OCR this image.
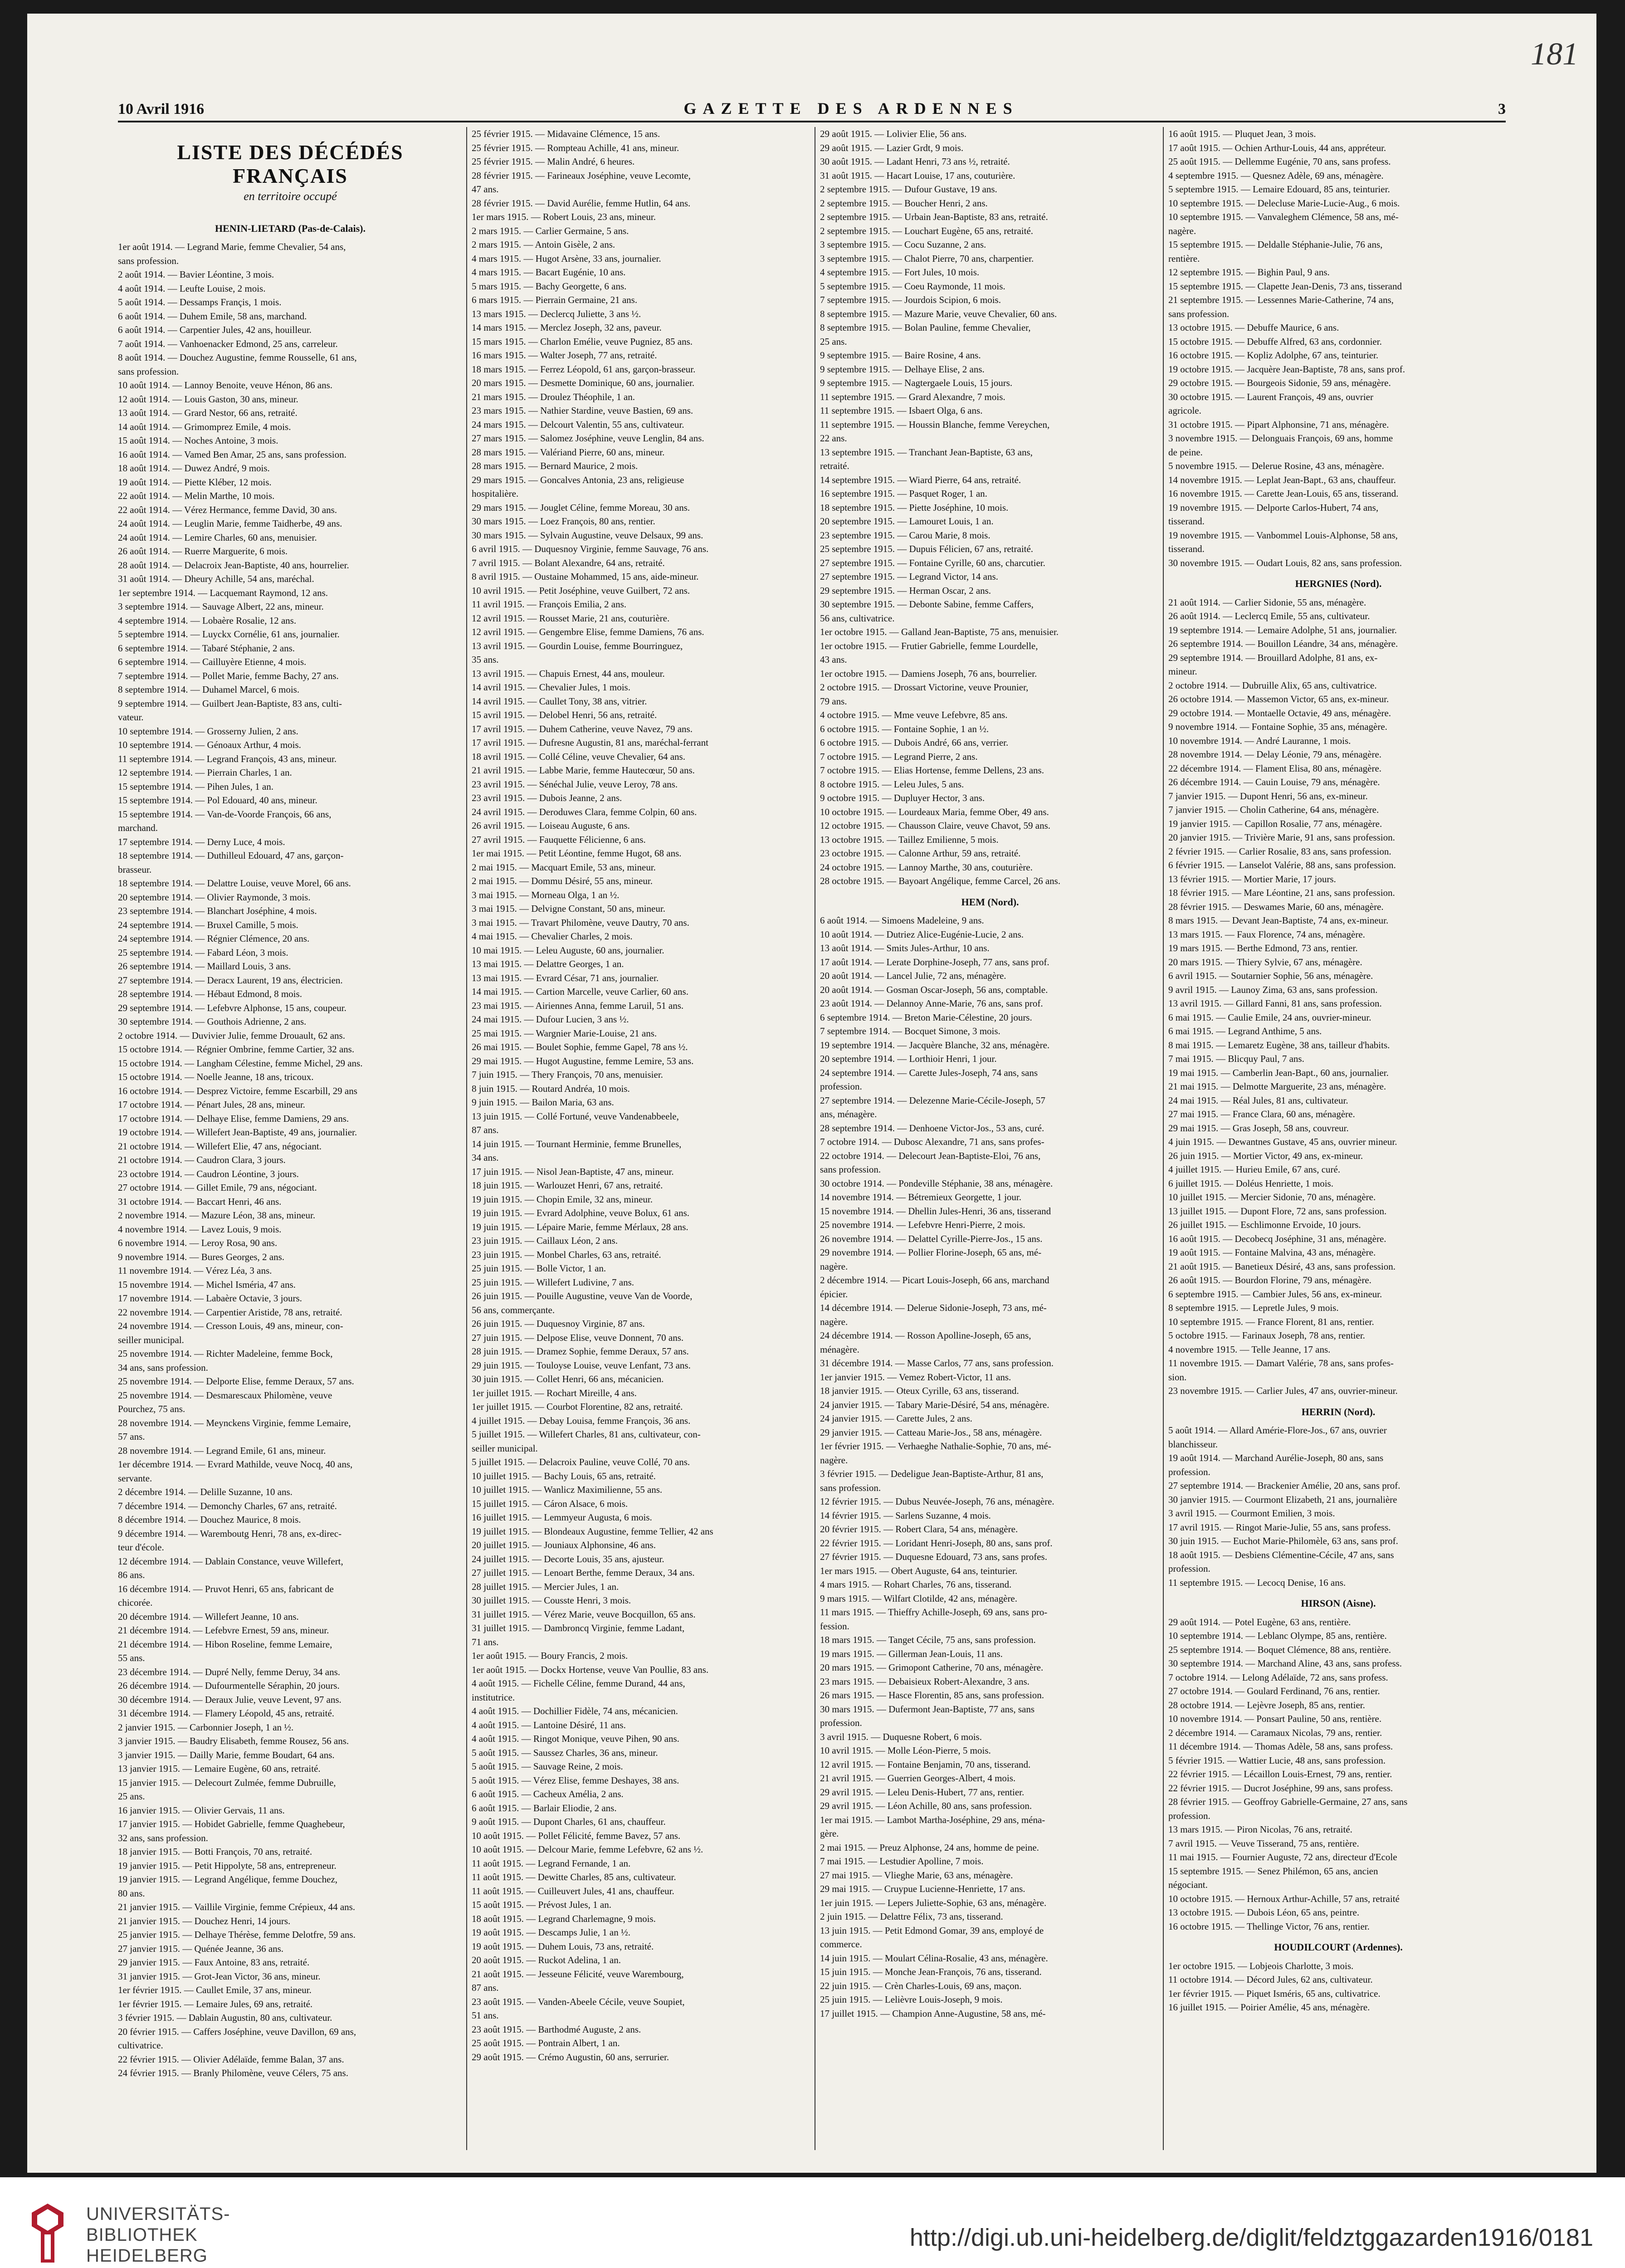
181
10 Avril 1916	GAZETTE DES ARDENNES	3
LISTE DES DÉCÉDÉS FRANÇAIS
en territoire occupé
HENIN-LIETARD (Pas-de-Calais).
1er août 1914. — Legrand Marie, femme Chevalier, 54 ans,
sans profession.
2 août 1914. — Bavier Léontine, 3 mois.
4 août 1914. — Leufte Louise, 2 mois.
5 août 1914. — Dessamps Françis, 1 mois.
6 août 1914. — Duhem Emile, 58 ans, marchand.
6 août 1914. — Carpentier Jules, 42 ans, houilleur.
7 août 1914. — Vanhoenacker Edmond, 25 ans, carreleur.
8 août 1914. — Douchez Augustine, femme Rousselle, 61 ans,
sans profession.
10 août 1914. — Lannoy Benoite, veuve Hénon, 86 ans.
12 août 1914. — Louis Gaston, 30 ans, mineur.
13 août 1914. — Grard Nestor, 66 ans, retraité.
14 août 1914. — Grimomprez Emile, 4 mois.
15 août 1914. — Noches Antoine, 3 mois.
16 août 1914. — Vamed Ben Amar, 25 ans, sans profession.
18 août 1914. — Duwez André, 9 mois.
19 août 1914. — Piette Kléber, 12 mois.
22 août 1914. — Melin Marthe, 10 mois.
22 août 1914. — Vérez Hermance, femme David, 30 ans.
24 août 1914. — Leuglin Marie, femme Taidherbe, 49 ans.
24 août 1914. — Lemire Charles, 60 ans, menuisier.
26 août 1914. — Ruerre Marguerite, 6 mois.
28 août 1914. — Delacroix Jean-Baptiste, 40 ans, hourrelier.
31 août 1914. — Dheury Achille, 54 ans, maréchal.
1er septembre 1914. — Lacquemant Raymond, 12 ans.
3 septembre 1914. — Sauvage Albert, 22 ans, mineur.
4 septembre 1914. — Lobaère Rosalie, 12 ans.
5 septembre 1914. — Luyckx Cornélie, 61 ans, journalier.
6 septembre 1914. — Tabaré Stéphanie, 2 ans.
6 septembre 1914. — Cailluyère Etienne, 4 mois.
7 septembre 1914. — Pollet Marie, femme Bachy, 27 ans.
8 septembre 1914. — Duhamel Marcel, 6 mois.
9 septembre 1914. — Guilbert Jean-Baptiste, 83 ans, culti-
vateur.
10 septembre 1914. — Grosserny Julien, 2 ans.
10 septembre 1914. — Génoaux Arthur, 4 mois.
11 septembre 1914. — Legrand François, 43 ans, mineur.
12 septembre 1914. — Pierrain Charles, 1 an.
15 septembre 1914. — Pihen Jules, 1 an.
15 septembre 1914. — Pol Edouard, 40 ans, mineur.
15 septembre 1914. — Van-de-Voorde François, 66 ans,
marchand.
17 septembre 1914. — Derny Luce, 4 mois.
18 septembre 1914. — Duthilleul Edouard, 47 ans, garçon-
brasseur.
18 septembre 1914. — Delattre Louise, veuve Morel, 66 ans.
20 septembre 1914. — Olivier Raymonde, 3 mois.
23 septembre 1914. — Blanchart Joséphine, 4 mois.
24 septembre 1914. — Bruxel Camille, 5 mois.
24 septembre 1914. — Régnier Clémence, 20 ans.
25 septembre 1914. — Fabard Léon, 3 mois.
26 septembre 1914. — Maillard Louis, 3 ans.
27 septembre 1914. — Deracx Laurent, 19 ans, électricien.
28 septembre 1914. — Hébaut Edmond, 8 mois.
29 septembre 1914. — Lefebvre Alphonse, 15 ans, coupeur.
30 septembre 1914. — Gouthois Adrienne, 2 ans.
2 octobre 1914. — Duvivier Julie, femme Drouault, 62 ans.
15 octobre 1914. — Régnier Ombrine, femme Cartier, 32 ans.
15 octobre 1914. — Langham Célestine, femme Michel, 29 ans.
15 octobre 1914. — Noelle Jeanne, 18 ans, tricoux.
16 octobre 1914. — Desprez Victoire, femme Escarbill, 29 ans
17 octobre 1914. — Pénart Jules, 28 ans, mineur.
17 octobre 1914. — Delhaye Elise, femme Damiens, 29 ans.
19 octobre 1914. — Willefert Jean-Baptiste, 49 ans, journalier.
21 octobre 1914. — Willefert Elie, 47 ans, négociant.
21 octobre 1914. — Caudron Clara, 3 jours.
23 octobre 1914. — Caudron Léontine, 3 jours.
27 octobre 1914. — Gillet Emile, 79 ans, négociant.
31 octobre 1914. — Baccart Henri, 46 ans.
2 novembre 1914. — Mazure Léon, 38 ans, mineur.
4 novembre 1914. — Lavez Louis, 9 mois.
6 novembre 1914. — Leroy Rosa, 90 ans.
9 novembre 1914. — Bures Georges, 2 ans.
11 novembre 1914. — Vérez Léa, 3 ans.
15 novembre 1914. — Michel Isméria, 47 ans.
17 novembre 1914. — Labaère Octavie, 3 jours.
22 novembre 1914. — Carpentier Aristide, 78 ans, retraité.
24 novembre 1914. — Cresson Louis, 49 ans, mineur, con-
seiller municipal.
25 novembre 1914. — Richter Madeleine, femme Bock,
34 ans, sans profession.
25 novembre 1914. — Delporte Elise, femme Deraux, 57 ans.
25 novembre 1914. — Desmarescaux Philomène, veuve
Pourchez, 75 ans.
28 novembre 1914. — Meynckens Virginie, femme Lemaire,
57 ans.
28 novembre 1914. — Legrand Emile, 61 ans, mineur.
1er décembre 1914. — Evrard Mathilde, veuve Nocq, 40 ans,
servante.
2 décembre 1914. — Delille Suzanne, 10 ans.
7 décembre 1914. — Demonchy Charles, 67 ans, retraité.
8 décembre 1914. — Douchez Maurice, 8 mois.
9 décembre 1914. — Waremboutg Henri, 78 ans, ex-direc-
teur d'école.
12 décembre 1914. — Dablain Constance, veuve Willefert,
86 ans.
16 décembre 1914. — Pruvot Henri, 65 ans, fabricant de
chicorée.
20 décembre 1914. — Willefert Jeanne, 10 ans.
21 décembre 1914. — Lefebvre Ernest, 59 ans, mineur.
21 décembre 1914. — Hibon Roseline, femme Lemaire,
55 ans.
23 décembre 1914. — Dupré Nelly, femme Deruy, 34 ans.
26 décembre 1914. — Dufourmentelle Séraphin, 20 jours.
30 décembre 1914. — Deraux Julie, veuve Levent, 97 ans.
31 décembre 1914. — Flamery Léopold, 45 ans, retraité.
2 janvier 1915. — Carbonnier Joseph, 1 an ½.
3 janvier 1915. — Baudry Elisabeth, femme Rousez, 56 ans.
3 janvier 1915. — Dailly Marie, femme Boudart, 64 ans.
13 janvier 1915. — Lemaire Eugène, 60 ans, retraité.
15 janvier 1915. — Delecourt Zulmée, femme Dubruille,
25 ans.
16 janvier 1915. — Olivier Gervais, 11 ans.
17 janvier 1915. — Hobidet Gabrielle, femme Quaghebeur,
32 ans, sans profession.
18 janvier 1915. — Botti François, 70 ans, retraité.
19 janvier 1915. — Petit Hippolyte, 58 ans, entrepreneur.
19 janvier 1915. — Legrand Angélique, femme Douchez,
80 ans.
21 janvier 1915. — Vaillile Virginie, femme Crépieux, 44 ans.
21 janvier 1915. — Douchez Henri, 14 jours.
25 janvier 1915. — Delhaye Thérèse, femme Delotfre, 59 ans.
27 janvier 1915. — Quénée Jeanne, 36 ans.
29 janvier 1915. — Faux Antoine, 83 ans, retraité.
31 janvier 1915. — Grot-Jean Victor, 36 ans, mineur.
1er février 1915. — Caullet Emile, 37 ans, mineur.
1er février 1915. — Lemaire Jules, 69 ans, retraité.
3 février 1915. — Dablain Augustin, 80 ans, cultivateur.
20 février 1915. — Caffers Joséphine, veuve Davillon, 69 ans,
cultivatrice.
22 février 1915. — Olivier Adélaïde, femme Balan, 37 ans.
24 février 1915. — Branly Philomène, veuve Célers, 75 ans.
25 février 1915. — Midavaine Clémence, 15 ans.
25 février 1915. — Rompteau Achille, 41 ans, mineur.
25 février 1915. — Malin André, 6 heures.
28 février 1915. — Farineaux Joséphine, veuve Lecomte,
47 ans.
28 février 1915. — David Aurélie, femme Hutlin, 64 ans.
1er mars 1915. — Robert Louis, 23 ans, mineur.
2 mars 1915. — Carlier Germaine, 5 ans.
2 mars 1915. — Antoin Gisèle, 2 ans.
4 mars 1915. — Hugot Arsène, 33 ans, journalier.
4 mars 1915. — Bacart Eugénie, 10 ans.
5 mars 1915. — Bachy Georgette, 6 ans.
6 mars 1915. — Pierrain Germaine, 21 ans.
13 mars 1915. — Declercq Juliette, 3 ans ½.
14 mars 1915. — Merclez Joseph, 32 ans, paveur.
15 mars 1915. — Charlon Emélie, veuve Pugniez, 85 ans.
16 mars 1915. — Walter Joseph, 77 ans, retraité.
18 mars 1915. — Ferrez Léopold, 61 ans, garçon-brasseur.
20 mars 1915. — Desmette Dominique, 60 ans, journalier.
21 mars 1915. — Droulez Théophile, 1 an.
23 mars 1915. — Nathier Stardine, veuve Bastien, 69 ans.
24 mars 1915. — Delcourt Valentin, 55 ans, cultivateur.
27 mars 1915. — Salomez Joséphine, veuve Lenglin, 84 ans.
28 mars 1915. — Valériand Pierre, 60 ans, mineur.
28 mars 1915. — Bernard Maurice, 2 mois.
29 mars 1915. — Goncalves Antonia, 23 ans, religieuse
hospitalière.
29 mars 1915. — Jouglet Céline, femme Moreau, 30 ans.
30 mars 1915. — Loez François, 80 ans, rentier.
30 mars 1915. — Sylvain Augustine, veuve Delsaux, 99 ans.
6 avril 1915. — Duquesnoy Virginie, femme Sauvage, 76 ans.
7 avril 1915. — Bolant Alexandre, 64 ans, retraité.
8 avril 1915. — Oustaine Mohammed, 15 ans, aide-mineur.
10 avril 1915. — Petit Joséphine, veuve Guilbert, 72 ans.
11 avril 1915. — François Emilia, 2 ans.
12 avril 1915. — Rousset Marie, 21 ans, couturière.
12 avril 1915. — Gengembre Elise, femme Damiens, 76 ans.
13 avril 1915. — Gourdin Louise, femme Bourringuez,
35 ans.
13 avril 1915. — Chapuis Ernest, 44 ans, mouleur.
14 avril 1915. — Chevalier Jules, 1 mois.
14 avril 1915. — Caullet Tony, 38 ans, vitrier.
15 avril 1915. — Delobel Henri, 56 ans, retraité.
17 avril 1915. — Duhem Catherine, veuve Navez, 79 ans.
17 avril 1915. — Dufresne Augustin, 81 ans, maréchal-ferrant
18 avril 1915. — Collé Céline, veuve Chevalier, 64 ans.
21 avril 1915. — Labbe Marie, femme Hautecœur, 50 ans.
23 avril 1915. — Sénéchal Julie, veuve Leroy, 78 ans.
23 avril 1915. — Dubois Jeanne, 2 ans.
24 avril 1915. — Deroduwes Clara, femme Colpin, 60 ans.
26 avril 1915. — Loiseau Auguste, 6 ans.
27 avril 1915. — Fauquette Félicienne, 6 ans.
1er mai 1915. — Petit Léontine, femme Hugot, 68 ans.
2 mai 1915. — Macquart Emile, 53 ans, mineur.
2 mai 1915. — Dommu Désiré, 55 ans, mineur.
3 mai 1915. — Morneau Olga, 1 an ½.
3 mai 1915. — Delvigne Constant, 50 ans, mineur.
3 mai 1915. — Travart Philomène, veuve Dautry, 70 ans.
4 mai 1915. — Chevalier Charles, 2 mois.
10 mai 1915. — Leleu Auguste, 60 ans, journalier.
13 mai 1915. — Delattre Georges, 1 an.
13 mai 1915. — Evrard César, 71 ans, journalier.
14 mai 1915. — Cartion Marcelle, veuve Carlier, 60 ans.
23 mai 1915. — Airiennes Anna, femme Laruil, 51 ans.
24 mai 1915. — Dufour Lucien, 3 ans ½.
25 mai 1915. — Wargnier Marie-Louise, 21 ans.
26 mai 1915. — Boulet Sophie, femme Gapel, 78 ans ½.
29 mai 1915. — Hugot Augustine, femme Lemire, 53 ans.
7 juin 1915. — Thery François, 70 ans, menuisier.
8 juin 1915. — Routard Andréa, 10 mois.
9 juin 1915. — Bailon Maria, 63 ans.
13 juin 1915. — Collé Fortuné, veuve Vandenabbeele,
87 ans.
14 juin 1915. — Tournant Herminie, femme Brunelles,
34 ans.
17 juin 1915. — Nisol Jean-Baptiste, 47 ans, mineur.
18 juin 1915. — Warlouzet Henri, 67 ans, retraité.
19 juin 1915. — Chopin Emile, 32 ans, mineur.
19 juin 1915. — Evrard Adolphine, veuve Bolux, 61 ans.
19 juin 1915. — Lépaire Marie, femme Mérlaux, 28 ans.
23 juin 1915. — Caillaux Léon, 2 ans.
23 juin 1915. — Monbel Charles, 63 ans, retraité.
25 juin 1915. — Bolle Victor, 1 an.
25 juin 1915. — Willefert Ludivine, 7 ans.
26 juin 1915. — Pouille Augustine, veuve Van de Voorde,
56 ans, commerçante.
26 juin 1915. — Duquesnoy Virginie, 87 ans.
27 juin 1915. — Delpose Elise, veuve Donnent, 70 ans.
28 juin 1915. — Dramez Sophie, femme Deraux, 57 ans.
29 juin 1915. — Touloyse Louise, veuve Lenfant, 73 ans.
30 juin 1915. — Collet Henri, 66 ans, mécanicien.
1er juillet 1915. — Rochart Mireille, 4 ans.
1er juillet 1915. — Courbot Florentine, 82 ans, retraité.
4 juillet 1915. — Debay Louisa, femme François, 36 ans.
5 juillet 1915. — Willefert Charles, 81 ans, cultivateur, con-
seiller municipal.
5 juillet 1915. — Delacroix Pauline, veuve Collé, 70 ans.
10 juillet 1915. — Bachy Louis, 65 ans, retraité.
10 juillet 1915. — Wanlicz Maximilienne, 55 ans.
15 juillet 1915. — Cáron Alsace, 6 mois.
16 juillet 1915. — Lemmyeur Augusta, 6 mois.
19 juillet 1915. — Blondeaux Augustine, femme Tellier, 42 ans
20 juillet 1915. — Jouniaux Alphonsine, 46 ans.
24 juillet 1915. — Decorte Louis, 35 ans, ajusteur.
27 juillet 1915. — Lenoart Berthe, femme Deraux, 34 ans.
28 juillet 1915. — Mercier Jules, 1 an.
30 juillet 1915. — Cousste Henri, 3 mois.
31 juillet 1915. — Vérez Marie, veuve Bocquillon, 65 ans.
31 juillet 1915. — Dambroncq Virginie, femme Ladant,
71 ans.
1er août 1915. — Boury Francis, 2 mois.
1er août 1915. — Dockx Hortense, veuve Van Poullie, 83 ans.
4 août 1915. — Fichelle Céline, femme Durand, 44 ans,
institutrice.
4 août 1915. — Dochillier Fidèle, 74 ans, mécanicien.
4 août 1915. — Lantoine Désiré, 11 ans.
4 août 1915. — Ringot Monique, veuve Pihen, 90 ans.
5 août 1915. — Saussez Charles, 36 ans, mineur.
5 août 1915. — Sauvage Reine, 2 mois.
5 août 1915. — Vérez Elise, femme Deshayes, 38 ans.
6 août 1915. — Cacheux Amélia, 2 ans.
6 août 1915. — Barlair Eliodie, 2 ans.
9 août 1915. — Dupont Charles, 61 ans, chauffeur.
10 août 1915. — Pollet Félicité, femme Bavez, 57 ans.
10 août 1915. — Delcour Marie, femme Lefebvre, 62 ans ½.
11 août 1915. — Legrand Fernande, 1 an.
11 août 1915. — Dewitte Charles, 85 ans, cultivateur.
11 août 1915. — Cuilleuvert Jules, 41 ans, chauffeur.
15 août 1915. — Prévost Jules, 1 an.
18 août 1915. — Legrand Charlemagne, 9 mois.
19 août 1915. — Descamps Julie, 1 an ½.
19 août 1915. — Duhem Louis, 73 ans, retraité.
20 août 1915. — Ruckot Adelina, 1 an.
21 août 1915. — Jesseune Félicité, veuve Warembourg,
87 ans.
23 août 1915. — Vanden-Abeele Cécile, veuve Soupiet,
51 ans.
23 août 1915. — Barthodmé Auguste, 2 ans.
25 août 1915. — Pontrain Albert, 1 an.
29 août 1915. — Crémo Augustin, 60 ans, serrurier.
29 août 1915. — Lolivier Elie, 56 ans.
29 août 1915. — Lazier Grdt, 9 mois.
30 août 1915. — Ladant Henri, 73 ans ½, retraité.
31 août 1915. — Hacart Louise, 17 ans, couturière.
2 septembre 1915. — Dufour Gustave, 19 ans.
2 septembre 1915. — Boucher Henri, 2 ans.
2 septembre 1915. — Urbain Jean-Baptiste, 83 ans, retraité.
2 septembre 1915. — Louchart Eugène, 65 ans, retraité.
3 septembre 1915. — Cocu Suzanne, 2 ans.
3 septembre 1915. — Chalot Pierre, 70 ans, charpentier.
4 septembre 1915. — Fort Jules, 10 mois.
5 septembre 1915. — Coeu Raymonde, 11 mois.
7 septembre 1915. — Jourdois Scipion, 6 mois.
8 septembre 1915. — Mazure Marie, veuve Chevalier, 60 ans.
8 septembre 1915. — Bolan Pauline, femme Chevalier,
25 ans.
9 septembre 1915. — Baire Rosine, 4 ans.
9 septembre 1915. — Delhaye Elise, 2 ans.
9 septembre 1915. — Nagtergaele Louis, 15 jours.
11 septembre 1915. — Grard Alexandre, 7 mois.
11 septembre 1915. — Isbaert Olga, 6 ans.
11 septembre 1915. — Houssin Blanche, femme Vereychen,
22 ans.
13 septembre 1915. — Tranchant Jean-Baptiste, 63 ans,
retraité.
14 septembre 1915. — Wiard Pierre, 64 ans, retraité.
16 septembre 1915. — Pasquet Roger, 1 an.
18 septembre 1915. — Piette Joséphine, 10 mois.
20 septembre 1915. — Lamouret Louis, 1 an.
23 septembre 1915. — Carou Marie, 8 mois.
25 septembre 1915. — Dupuis Félicien, 67 ans, retraité.
27 septembre 1915. — Fontaine Cyrille, 60 ans, charcutier.
27 septembre 1915. — Legrand Victor, 14 ans.
29 septembre 1915. — Herman Oscar, 2 ans.
30 septembre 1915. — Debonte Sabine, femme Caffers,
56 ans, cultivatrice.
1er octobre 1915. — Galland Jean-Baptiste, 75 ans, menuisier.
1er octobre 1915. — Frutier Gabrielle, femme Lourdelle,
43 ans.
1er octobre 1915. — Damiens Joseph, 76 ans, bourrelier.
2 octobre 1915. — Drossart Victorine, veuve Prounier,
79 ans.
4 octobre 1915. — Mme veuve Lefebvre, 85 ans.
6 octobre 1915. — Fontaine Sophie, 1 an ½.
6 octobre 1915. — Dubois André, 66 ans, verrier.
7 octobre 1915. — Legrand Pierre, 2 ans.
7 octobre 1915. — Elias Hortense, femme Dellens, 23 ans.
8 octobre 1915. — Leleu Jules, 5 ans.
9 octobre 1915. — Dupluyer Hector, 3 ans.
10 octobre 1915. — Lourdeaux Maria, femme Ober, 49 ans.
12 octobre 1915. — Chausson Claire, veuve Chavot, 59 ans.
13 octobre 1915. — Taillez Emilienne, 5 mois.
23 octobre 1915. — Calonne Arthur, 59 ans, retraité.
24 octobre 1915. — Lannoy Marthe, 30 ans, couturière.
28 octobre 1915. — Bayoart Angélique, femme Carcel, 26 ans.
HEM (Nord).
6 août 1914. — Simoens Madeleine, 9 ans.
10 août 1914. — Dutriez Alice-Eugénie-Lucie, 2 ans.
13 août 1914. — Smits Jules-Arthur, 10 ans.
17 août 1914. — Lerate Dorphine-Joseph, 77 ans, sans prof.
20 août 1914. — Lancel Julie, 72 ans, ménagère.
20 août 1914. — Gosman Oscar-Joseph, 56 ans, comptable.
23 août 1914. — Delannoy Anne-Marie, 76 ans, sans prof.
6 septembre 1914. — Breton Marie-Célestine, 20 jours.
7 septembre 1914. — Bocquet Simone, 3 mois.
19 septembre 1914. — Jacquère Blanche, 32 ans, ménagère.
20 septembre 1914. — Lorthioir Henri, 1 jour.
24 septembre 1914. — Carette Jules-Joseph, 74 ans, sans
profession.
27 septembre 1914. — Delezenne Marie-Cécile-Joseph, 57
ans, ménagère.
28 septembre 1914. — Denhoene Victor-Jos., 53 ans, curé.
7 octobre 1914. — Dubosc Alexandre, 71 ans, sans profes-
22 octobre 1914. — Delecourt Jean-Baptiste-Eloi, 76 ans,
sans profession.
30 octobre 1914. — Pondeville Stéphanie, 38 ans, ménagère.
14 novembre 1914. — Bétremieux Georgette, 1 jour.
15 novembre 1914. — Dhellin Jules-Henri, 36 ans, tisserand
25 novembre 1914. — Lefebvre Henri-Pierre, 2 mois.
26 novembre 1914. — Delattel Cyrille-Pierre-Jos., 15 ans.
29 novembre 1914. — Pollier Florine-Joseph, 65 ans, mé-
nagère.
2 décembre 1914. — Picart Louis-Joseph, 66 ans, marchand
épicier.
14 décembre 1914. — Delerue Sidonie-Joseph, 73 ans, mé-
nagère.
24 décembre 1914. — Rosson Apolline-Joseph, 65 ans,
ménagère.
31 décembre 1914. — Masse Carlos, 77 ans, sans profession.
1er janvier 1915. — Vemez Robert-Victor, 11 ans.
18 janvier 1915. — Oteux Cyrille, 63 ans, tisserand.
24 janvier 1915. — Tabary Marie-Désiré, 54 ans, ménagère.
24 janvier 1915. — Carette Jules, 2 ans.
29 janvier 1915. — Catteau Marie-Jos., 58 ans, ménagère.
1er février 1915. — Verhaeghe Nathalie-Sophie, 70 ans, mé-
nagère.
3 février 1915. — Dedeligue Jean-Baptiste-Arthur, 81 ans,
sans profession.
12 février 1915. — Dubus Neuvée-Joseph, 76 ans, ménagère.
14 février 1915. — Sarlens Suzanne, 4 mois.
20 février 1915. — Robert Clara, 54 ans, ménagère.
22 février 1915. — Loridant Henri-Joseph, 80 ans, sans prof.
27 février 1915. — Duquesne Edouard, 73 ans, sans profes.
1er mars 1915. — Obert Auguste, 64 ans, teinturier.
4 mars 1915. — Rohart Charles, 76 ans, tisserand.
9 mars 1915. — Wilfart Clotilde, 42 ans, ménagère.
11 mars 1915. — Thieffry Achille-Joseph, 69 ans, sans pro-
fession.
18 mars 1915. — Tanget Cécile, 75 ans, sans profession.
19 mars 1915. — Gillerman Jean-Louis, 11 ans.
20 mars 1915. — Grimopont Catherine, 70 ans, ménagère.
23 mars 1915. — Debaisieux Robert-Alexandre, 3 ans.
26 mars 1915. — Hasce Florentin, 85 ans, sans profession.
30 mars 1915. — Dufermont Jean-Baptiste, 77 ans, sans
profession.
3 avril 1915. — Duquesne Robert, 6 mois.
10 avril 1915. — Molle Léon-Pierre, 5 mois.
12 avril 1915. — Fontaine Benjamin, 70 ans, tisserand.
21 avril 1915. — Guerrien Georges-Albert, 4 mois.
29 avril 1915. — Leleu Denis-Hubert, 77 ans, rentier.
29 avril 1915. — Léon Achille, 80 ans, sans profession.
1er mai 1915. — Lambot Martha-Joséphine, 29 ans, ména-
gère.
2 mai 1915. — Preuz Alphonse, 24 ans, homme de peine.
7 mai 1915. — Lestudier Apolline, 7 mois.
27 mai 1915. — Vlieghe Marie, 63 ans, ménagère.
29 mai 1915. — Cruypue Lucienne-Henriette, 17 ans.
1er juin 1915. — Lepers Juliette-Sophie, 63 ans, ménagère.
2 juin 1915. — Delattre Félix, 73 ans, tisserand.
13 juin 1915. — Petit Edmond Gomar, 39 ans, employé de
commerce.
14 juin 1915. — Moulart Célina-Rosalie, 43 ans, ménagère.
15 juin 1915. — Monche Jean-François, 76 ans, tisserand.
22 juin 1915. — Crèn Charles-Louis, 69 ans, maçon.
25 juin 1915. — Lelièvre Louis-Joseph, 9 mois.
17 juillet 1915. — Champion Anne-Augustine, 58 ans, mé-
16 août 1915. — Pluquet Jean, 3 mois.
17 août 1915. — Ochien Arthur-Louis, 44 ans, appréteur.
25 août 1915. — Dellemme Eugénie, 70 ans, sans profess.
4 septembre 1915. — Quesnez Adèle, 69 ans, ménagère.
5 septembre 1915. — Lemaire Edouard, 85 ans, teinturier.
10 septembre 1915. — Delecluse Marie-Lucie-Aug., 6 mois.
10 septembre 1915. — Vanvaleghem Clémence, 58 ans, mé-
nagère.
15 septembre 1915. — Deldalle Stéphanie-Julie, 76 ans,
rentière.
12 septembre 1915. — Bighin Paul, 9 ans.
15 septembre 1915. — Clapette Jean-Denis, 73 ans, tisserand
21 septembre 1915. — Lessennes Marie-Catherine, 74 ans,
sans profession.
13 octobre 1915. — Debuffe Maurice, 6 ans.
15 octobre 1915. — Debuffe Alfred, 63 ans, cordonnier.
16 octobre 1915. — Kopliz Adolphe, 67 ans, teinturier.
19 octobre 1915. — Jacquère Jean-Baptiste, 78 ans, sans prof.
29 octobre 1915. — Bourgeois Sidonie, 59 ans, ménagère.
30 octobre 1915. — Laurent François, 49 ans, ouvrier
agricole.
31 octobre 1915. — Pipart Alphonsine, 71 ans, ménagère.
3 novembre 1915. — Delonguais François, 69 ans, homme
de peine.
5 novembre 1915. — Delerue Rosine, 43 ans, ménagère.
14 novembre 1915. — Leplat Jean-Bapt., 63 ans, chauffeur.
16 novembre 1915. — Carette Jean-Louis, 65 ans, tisserand.
19 novembre 1915. — Delporte Carlos-Hubert, 74 ans,
tisserand.
19 novembre 1915. — Vanbommel Louis-Alphonse, 58 ans,
tisserand.
30 novembre 1915. — Oudart Louis, 82 ans, sans profession.
HERGNIES (Nord).
21 août 1914. — Carlier Sidonie, 55 ans, ménagère.
26 août 1914. — Leclercq Emile, 55 ans, cultivateur.
19 septembre 1914. — Lemaire Adolphe, 51 ans, journalier.
26 septembre 1914. — Bouillon Léandre, 34 ans, ménagère.
29 septembre 1914. — Brouillard Adolphe, 81 ans, ex-
mineur.
2 octobre 1914. — Dubruille Alix, 65 ans, cultivatrice.
26 octobre 1914. — Massemon Victor, 65 ans, ex-mineur.
29 octobre 1914. — Montaelle Octavie, 49 ans, ménagère.
9 novembre 1914. — Fontaine Sophie, 35 ans, ménagère.
10 novembre 1914. — André Lauranne, 1 mois.
28 novembre 1914. — Delay Léonie, 79 ans, ménagère.
22 décembre 1914. — Flament Elisa, 80 ans, ménagère.
26 décembre 1914. — Cauin Louise, 79 ans, ménagère.
7 janvier 1915. — Dupont Henri, 56 ans, ex-mineur.
7 janvier 1915. — Cholin Catherine, 64 ans, ménagère.
19 janvier 1915. — Capillon Rosalie, 77 ans, ménagère.
20 janvier 1915. — Trivière Marie, 91 ans, sans profession.
2 février 1915. — Carlier Rosalie, 83 ans, sans profession.
6 février 1915. — Lanselot Valérie, 88 ans, sans profession.
13 février 1915. — Mortier Marie, 17 jours.
18 février 1915. — Mare Léontine, 21 ans, sans profession.
28 février 1915. — Deswames Marie, 60 ans, ménagère.
8 mars 1915. — Devant Jean-Baptiste, 74 ans, ex-mineur.
13 mars 1915. — Faux Florence, 74 ans, ménagère.
19 mars 1915. — Berthe Edmond, 73 ans, rentier.
20 mars 1915. — Thiery Sylvie, 67 ans, ménagère.
6 avril 1915. — Soutarnier Sophie, 56 ans, ménagère.
9 avril 1915. — Launoy Zima, 63 ans, sans profession.
13 avril 1915. — Gillard Fanni, 81 ans, sans profession.
6 mai 1915. — Caulie Emile, 24 ans, ouvrier-mineur.
6 mai 1915. — Legrand Anthime, 5 ans.
8 mai 1915. — Lemaretz Eugène, 38 ans, tailleur d'habits.
7 mai 1915. — Blicquy Paul, 7 ans.
19 mai 1915. — Camberlin Jean-Bapt., 60 ans, journalier.
21 mai 1915. — Delmotte Marguerite, 23 ans, ménagère.
24 mai 1915. — Réal Jules, 81 ans, cultivateur.
27 mai 1915. — France Clara, 60 ans, ménagère.
29 mai 1915. — Gras Joseph, 58 ans, couvreur.
4 juin 1915. — Dewantnes Gustave, 45 ans, ouvrier mineur.
26 juin 1915. — Mortier Victor, 49 ans, ex-mineur.
4 juillet 1915. — Hurieu Emile, 67 ans, curé.
6 juillet 1915. — Doléus Henriette, 1 mois.
10 juillet 1915. — Mercier Sidonie, 70 ans, ménagère.
13 juillet 1915. — Dupont Flore, 72 ans, sans profession.
26 juillet 1915. — Eschlimonne Ervoide, 10 jours.
16 août 1915. — Decobecq Joséphine, 31 ans, ménagère.
19 août 1915. — Fontaine Malvina, 43 ans, ménagère.
21 août 1915. — Banetieux Désiré, 43 ans, sans profession.
26 août 1915. — Bourdon Florine, 79 ans, ménagère.
6 septembre 1915. — Cambier Jules, 56 ans, ex-mineur.
8 septembre 1915. — Lepretle Jules, 9 mois.
10 septembre 1915. — France Florent, 81 ans, rentier.
5 octobre 1915. — Farinaux Joseph, 78 ans, rentier.
4 novembre 1915. — Telle Jeanne, 17 ans.
11 novembre 1915. — Damart Valérie, 78 ans, sans profes-
sion.
23 novembre 1915. — Carlier Jules, 47 ans, ouvrier-mineur.
HERRIN (Nord).
5 août 1914. — Allard Amérie-Flore-Jos., 67 ans, ouvrier
blanchisseur.
19 août 1914. — Marchand Aurélie-Joseph, 80 ans, sans
profession.
27 septembre 1914. — Brackenier Amélie, 20 ans, sans prof.
30 janvier 1915. — Courmont Elizabeth, 21 ans, journalière
3 avril 1915. — Courmont Emilien, 3 mois.
17 avril 1915. — Ringot Marie-Julie, 55 ans, sans profess.
30 juin 1915. — Euchot Marie-Philomèle, 63 ans, sans prof.
18 août 1915. — Desbiens Clémentine-Cécile, 47 ans, sans
profession.
11 septembre 1915. — Lecocq Denise, 16 ans.
HIRSON (Aisne).
29 août 1914. — Potel Eugène, 63 ans, rentière.
10 septembre 1914. — Leblanc Olympe, 85 ans, rentière.
25 septembre 1914. — Boquet Clémence, 88 ans, rentière.
30 septembre 1914. — Marchand Aline, 43 ans, sans profess.
7 octobre 1914. — Lelong Adélaïde, 72 ans, sans profess.
27 octobre 1914. — Goulard Ferdinand, 76 ans, rentier.
28 octobre 1914. — Lejèvre Joseph, 85 ans, rentier.
10 novembre 1914. — Ponsart Pauline, 50 ans, rentière.
2 décembre 1914. — Caramaux Nicolas, 79 ans, rentier.
11 décembre 1914. — Thomas Adèle, 58 ans, sans profess.
5 février 1915. — Wattier Lucie, 48 ans, sans profession.
22 février 1915. — Lécaillon Louis-Ernest, 79 ans, rentier.
22 février 1915. — Ducrot Joséphine, 99 ans, sans profess.
28 février 1915. — Geoffroy Gabrielle-Germaine, 27 ans, sans
profession.
13 mars 1915. — Piron Nicolas, 76 ans, retraité.
7 avril 1915. — Veuve Tisserand, 75 ans, rentière.
11 mai 1915. — Fournier Auguste, 72 ans, directeur d'Ecole
15 septembre 1915. — Senez Philémon, 65 ans, ancien
négociant.
10 octobre 1915. — Hernoux Arthur-Achille, 57 ans, retraité
13 octobre 1915. — Dubois Léon, 65 ans, peintre.
16 octobre 1915. — Thellinge Victor, 76 ans, rentier.
HOUDILCOURT (Ardennes).
1er octobre 1915. — Lobjeois Charlotte, 3 mois.
11 octobre 1914. — Décord Jules, 62 ans, cultivateur.
1er février 1915. — Piquet Isméris, 65 ans, cultivatrice.
16 juillet 1915. — Poirier Amélie, 45 ans, ménagère.
UNIVERSITÄTS-
BIBLIOTHEK
HEIDELBERG
http://digi.ub.uni-heidelberg.de/diglit/feldztggazarden1916/0181
